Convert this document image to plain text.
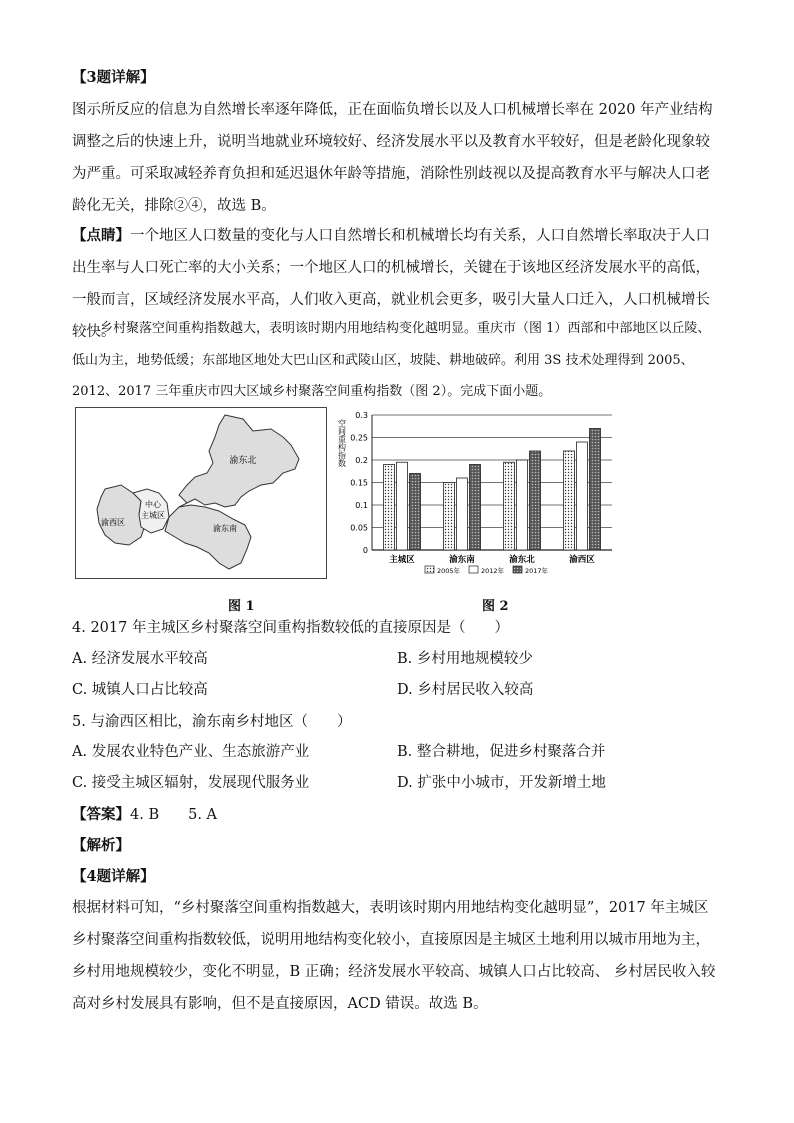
【3题详解】

图示所反应的信息为自然增长率逐年降低，正在面临负增长以及人口机械增长率在 2020 年产业结构调整之后的快速上升，说明当地就业环境较好、经济发展水平以及教育水平较好，但是老龄化现象较为严重。可采取减轻养育负担和延迟退休年龄等措施，消除性别歧视以及提高教育水平与解决人口老龄化无关，排除②④，故选 B。

【点睛】一个地区人口数量的变化与人口自然增长和机械增长均有关系，人口自然增长率取决于人口出生率与人口死亡率的大小关系；一个地区人口的机械增长，关键在于该地区经济发展水平的高低，一般而言，区域经济发展水平高，人们收入更高，就业机会更多，吸引大量人口迁入，人口机械增长较快。

乡村聚落空间重构指数越大，表明该时期内用地结构变化越明显。重庆市（图 1）西部和中部地区以丘陵、低山为主，地势低缓；东部地区地处大巴山区和武陵山区，坡陡、耕地破碎。利用 3S 技术处理得到 2005、2012、2017 三年重庆市四大区域乡村聚落空间重构指数（图 2）。完成下面小题。

渝东北
中心
主城区
渝西区
渝东南
图 1
空间重构指数
0
0.05
0.1
0.15
0.2
0.25
0.3
主城区	渝东南	渝东北	渝西区
2005年	2012年	2017年
图 2

4. 2017 年主城区乡村聚落空间重构指数较低的直接原因是（　　）

A. 经济发展水平较高	B. 乡村用地规模较少
C. 城镇人口占比较高	D. 乡村居民收入较高

5. 与渝西区相比，渝东南乡村地区（　　）

A. 发展农业特色产业、生态旅游产业	B. 整合耕地，促进乡村聚落合并
C. 接受主城区辐射，发展现代服务业	D. 扩张中小城市，开发新增土地

【答案】4. B　　5. A

【解析】

【4题详解】

根据材料可知，“乡村聚落空间重构指数越大，表明该时期内用地结构变化越明显”，2017 年主城区乡村聚落空间重构指数较低，说明用地结构变化较小，直接原因是主城区土地利用以城市用地为主，乡村用地规模较少，变化不明显，B 正确；经济发展水平较高、城镇人口占比较高、 乡村居民收入较高对乡村发展具有影响，但不是直接原因，ACD 错误。故选 B。
